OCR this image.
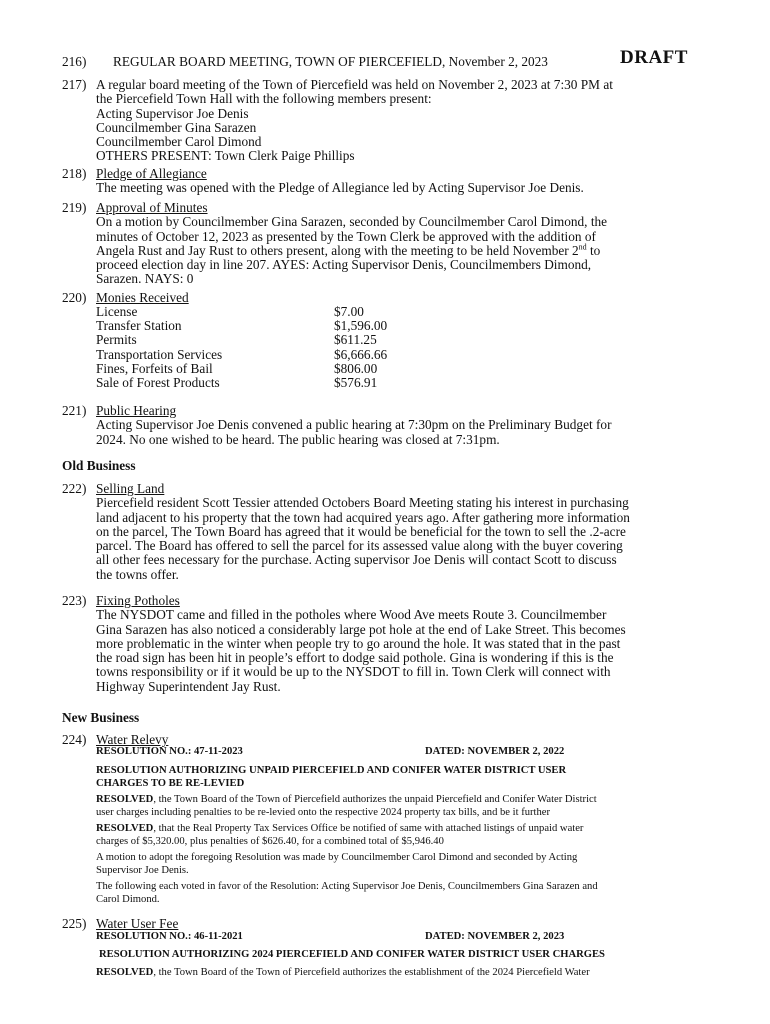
216) REGULAR BOARD MEETING, TOWN OF PIERCEFIELD, November 2, 2023	DRAFT
217) A regular board meeting of the Town of Piercefield was held on November 2, 2023 at 7:30 PM at
the Piercefield Town Hall with the following members present:
Acting Supervisor Joe Denis
Councilmember Gina Sarazen
Councilmember Carol Dimond
OTHERS PRESENT: Town Clerk Paige Phillips
218) Pledge of Allegiance
The meeting was opened with the Pledge of Allegiance led by Acting Supervisor Joe Denis.
219) Approval of Minutes
On a motion by Councilmember Gina Sarazen, seconded by Councilmember Carol Dimond, the
minutes of October 12, 2023 as presented by the Town Clerk be approved with the addition of
Angela Rust and Jay Rust to others present, along with the meeting to be held November 2nd to
proceed election day in line 207. AYES: Acting Supervisor Denis, Councilmembers Dimond,
Sarazen. NAYS: 0
220) Monies Received
License	$7.00
Transfer Station	$1,596.00
Permits	$611.25
Transportation Services	$6,666.66
Fines, Forfeits of Bail	$806.00
Sale of Forest Products	$576.91
221) Public Hearing
Acting Supervisor Joe Denis convened a public hearing at 7:30pm on the Preliminary Budget for
2024. No one wished to be heard. The public hearing was closed at 7:31pm.
Old Business
222) Selling Land
Piercefield resident Scott Tessier attended Octobers Board Meeting stating his interest in purchasing
land adjacent to his property that the town had acquired years ago. After gathering more information
on the parcel, The Town Board has agreed that it would be beneficial for the town to sell the .2-acre
parcel. The Board has offered to sell the parcel for its assessed value along with the buyer covering
all other fees necessary for the purchase. Acting supervisor Joe Denis will contact Scott to discuss
the towns offer.
223) Fixing Potholes
The NYSDOT came and filled in the potholes where Wood Ave meets Route 3. Councilmember
Gina Sarazen has also noticed a considerably large pot hole at the end of Lake Street. This becomes
more problematic in the winter when people try to go around the hole. It was stated that in the past
the road sign has been hit in people’s effort to dodge said pothole. Gina is wondering if this is the
towns responsibility or if it would be up to the NYSDOT to fill in. Town Clerk will connect with
Highway Superintendent Jay Rust.
New Business
224) Water Relevy
RESOLUTION NO.: 47-11-2023	DATED: NOVEMBER 2, 2022
RESOLUTION AUTHORIZING UNPAID PIERCEFIELD AND CONIFER WATER DISTRICT USER
CHARGES TO BE RE-LEVIED
RESOLVED, the Town Board of the Town of Piercefield authorizes the unpaid Piercefield and Conifer Water District
user charges including penalties to be re-levied onto the respective 2024 property tax bills, and be it further
RESOLVED, that the Real Property Tax Services Office be notified of same with attached listings of unpaid water
charges of $5,320.00, plus penalties of $626.40, for a combined total of $5,946.40
A motion to adopt the foregoing Resolution was made by Councilmember Carol Dimond and seconded by Acting
Supervisor Joe Denis.
The following each voted in favor of the Resolution: Acting Supervisor Joe Denis, Councilmembers Gina Sarazen and
Carol Dimond.
225) Water User Fee
RESOLUTION NO.: 46-11-2021	DATED: NOVEMBER 2, 2023
RESOLUTION AUTHORIZING 2024 PIERCEFIELD AND CONIFER WATER DISTRICT USER CHARGES
RESOLVED, the Town Board of the Town of Piercefield authorizes the establishment of the 2024 Piercefield Water
